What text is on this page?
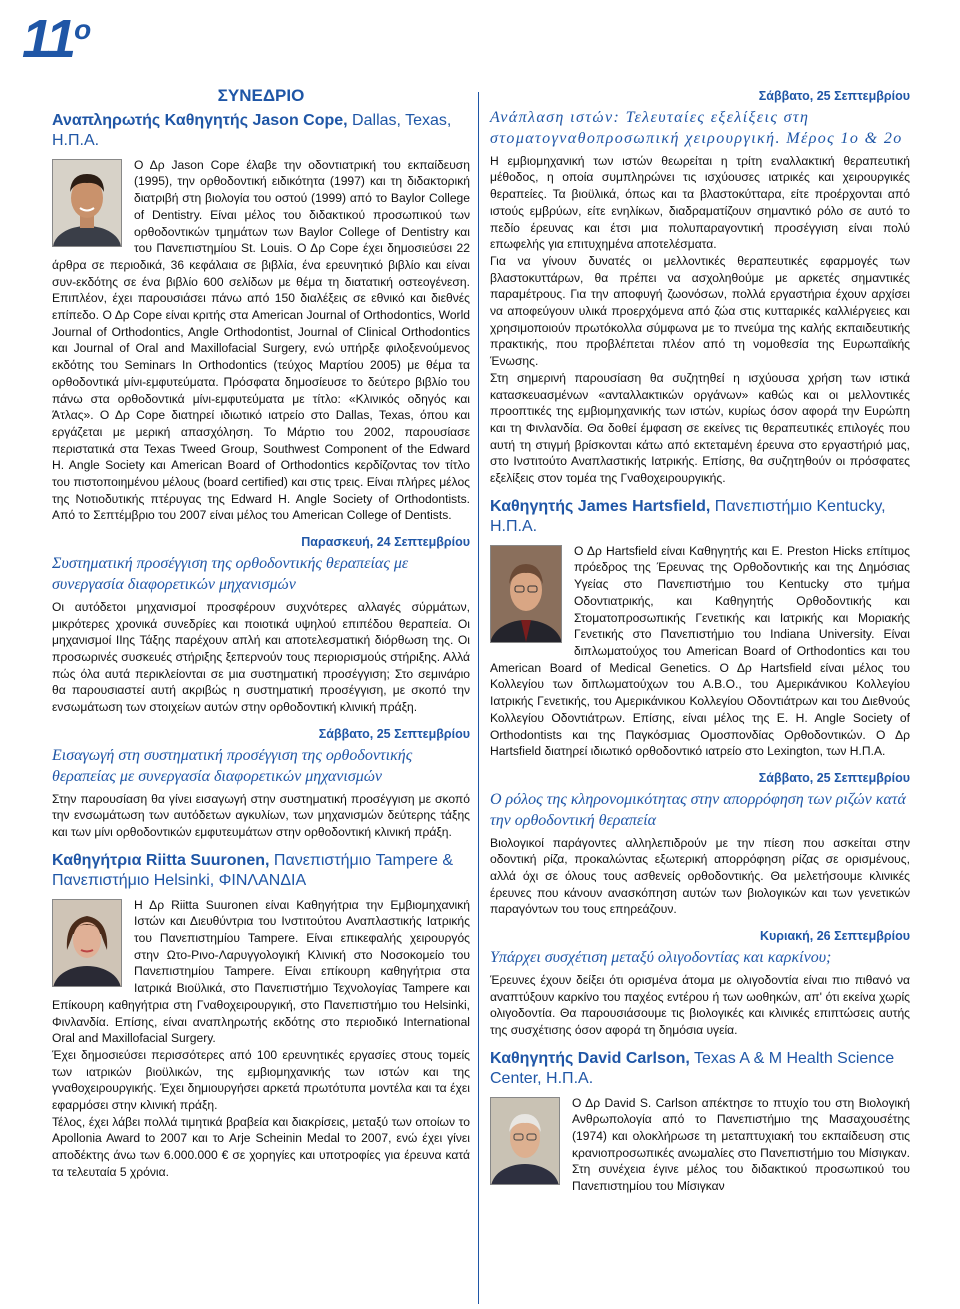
$11^o$
ΣΥΝΕΔΡΙΟ
Αναπληρωτής Καθηγητής Jason Cope, Dallas, Texas, Η.Π.Α.

Ο Δρ Jason Cope έλαβε την οδοντιατρική του εκπαίδευση (1995), την ορθοδοντική ειδικότητα (1997) και τη διδακτορική διατριβή στη βιολογία του οστού (1999) από το Baylor College of Dentistry. Είναι μέλος του διδακτικού προσωπικού των ορθοδοντικών τμημάτων των Baylor College of Dentistry και του Πανεπιστημίου St. Louis. Ο Δρ Cope έχει δημοσιεύσει 22 άρθρα σε περιοδικά, 36 κεφάλαια σε βιβλία, ένα ερευνητικό βιβλίο και είναι συν-εκδότης σε ένα βιβλίο 600 σελίδων με θέμα τη διατατική οστεογένεση. Επιπλέον, έχει παρουσιάσει πάνω από 150 διαλέξεις σε εθνικό και διεθνές επίπεδο. Ο Δρ Cope είναι κριτής στα American Journal of Orthodontics, World Journal of Orthodontics, Angle Orthodontist, Journal of Clinical Orthodontics και Journal of Oral and Maxillofacial Surgery, ενώ υπήρξε φιλοξενούμενος εκδότης του Seminars In Orthodontics (τεύχος Μαρτίου 2005) με θέμα τα ορθοδοντικά μίνι-εμφυτεύματα. Πρόσφατα δημοσίευσε το δεύτερο βιβλίο του πάνω στα ορθοδοντικά μίνι-εμφυτεύματα με τίτλο: «Κλινικός οδηγός και Άτλας». Ο Δρ Cope διατηρεί ιδιωτικό ιατρείο στο Dallas, Texas, όπου και εργάζεται με μερική απασχόληση. Το Μάρτιο του 2002, παρουσίασε περιστατικά στα Texas Tweed Group, Southwest Component of the Edward H. Angle Society και American Board of Orthodontics κερδίζοντας τον τίτλο του πιστοποιημένου μέλους (board certified) και στις τρεις. Είναι πλήρες μέλος της Νοτιοδυτικής πτέρυγας της Edward H. Angle Society of Orthodontists. Από το Σεπτέμβριο του 2007 είναι μέλος του American College of Dentists.

Παρασκευή, 24 Σεπτεμβρίου
Συστηματική προσέγγιση της ορθοδοντικής θεραπείας με συνεργασία διαφορετικών μηχανισμών

Οι αυτόδετοι μηχανισμοί προσφέρουν συχνότερες αλλαγές σύρμάτων, μικρότερες χρονικά συνεδρίες και ποιοτικά υψηλού επιπέδου θεραπεία. Οι μηχανισμοί ΙΙης Τάξης παρέχουν απλή και αποτελεσματική διόρθωση της. Οι προσωρινές συσκευές στήριξης ξεπερνούν τους περιορισμούς στήριξης. Αλλά πώς όλα αυτά περικλείονται σε μια συστηματική προσέγγιση; Στο σεμινάριο θα παρουσιαστεί αυτή ακριβώς η συστηματική προσέγγιση, με σκοπό την ενσωμάτωση των στοιχείων αυτών στην ορθοδοντική κλινική πράξη.

Σάββατο, 25 Σεπτεμβρίου
Εισαγωγή στη συστηματική προσέγγιση της ορθοδοντικής θεραπείας με συνεργασία διαφορετικών μηχανισμών

Στην παρουσίαση θα γίνει εισαγωγή στην συστηματική προσέγγιση με σκοπό την ενσωμάτωση των αυτόδετων αγκυλίων, των μηχανισμών δεύτερης τάξης και των μίνι ορθοδοντικών εμφυτευμάτων στην ορθοδοντική κλινική πράξη.

Καθηγήτρια Riitta Suuronen, Πανεπιστήμιο Tampere & Πανεπιστήμιο Helsinki, ΦΙΝΛΑΝΔΙΑ

Η Δρ Riitta Suuronen είναι Καθηγήτρια την Εμβιομηχανική Ιστών και Διευθύντρια του Ινστιτούτου Αναπλαστικής Ιατρικής του Πανεπιστημίου Tampere. Είναι επικεφαλής χειρουργός στην Ωτο-Ρινο-Λαρυγγολογική Κλινική στο Νοσοκομείο του Πανεπιστημίου Tampere. Είναι επίκουρη καθηγήτρια στα Ιατρικά Βιοϋλικά, στο Πανεπιστήμιο Τεχνολογίας Tampere και Επίκουρη καθηγήτρια στη Γναθοχειρουργική, στο Πανεπιστήμιο του Helsinki, Φινλανδία. Επίσης, είναι αναπληρωτής εκδότης στο περιοδικό International Oral and Maxillofacial Surgery.

Έχει δημοσιεύσει περισσότερες από 100 ερευνητικές εργασίες στους τομείς των ιατρικών βιοϋλικών, της εμβιομηχανικής των ιστών και της γναθοχειρουργικής. Έχει δημιουργήσει αρκετά πρωτότυπα μοντέλα και τα έχει εφαρμόσει στην κλινική πράξη.

Τέλος, έχει λάβει πολλά τιμητικά βραβεία και διακρίσεις, μεταξύ των οποίων το Apollonia Award to 2007 και το Arje Scheinin Medal το 2007, ενώ έχει γίνει αποδέκτης άνω των 6.000.000 € σε χορηγίες και υποτροφίες για έρευνα κατά τα τελευταία 5 χρόνια.

Σάββατο, 25 Σεπτεμβρίου
Ανάπλαση ιστών: Τελευταίες εξελίξεις στη στοματογναθοπροσωπική χειρουργική. Μέρος 1ο & 2ο

Η εμβιομηχανική των ιστών θεωρείται η τρίτη εναλλακτική θεραπευτική μέθοδος, η οποία συμπληρώνει τις ισχύουσες ιατρικές και χειρουργικές θεραπείες. Τα βιοϋλικά, όπως και τα βλαστοκύτταρα, είτε προέρχονται από ιστούς εμβρύων, είτε ενηλίκων, διαδραματίζουν σημαντικό ρόλο σε αυτό το πεδίο έρευνας και έτσι μια πολυπαραγοντική προσέγγιση είναι πολύ επωφελής για επιτυχημένα αποτελέσματα.

Για να γίνουν δυνατές οι μελλοντικές θεραπευτικές εφαρμογές των βλαστοκυττάρων, θα πρέπει να ασχοληθούμε με αρκετές σημαντικές παραμέτρους. Για την αποφυγή ζωονόσων, πολλά εργαστήρια έχουν αρχίσει να αποφεύγουν υλικά προερχόμενα από ζώα στις κυτταρικές καλλιέργειες και χρησιμοποιούν πρωτόκολλα σύμφωνα με το πνεύμα της καλής εκπαιδευτικής πρακτικής, που προβλέπεται πλέον από τη νομοθεσία της Ευρωπαϊκής Ένωσης.

Στη σημερινή παρουσίαση θα συζητηθεί η ισχύουσα χρήση των ιστικά κατασκευασμένων «ανταλλακτικών οργάνων» καθώς και οι μελλοντικές προοπτικές της εμβιομηχανικής των ιστών, κυρίως όσον αφορά την Ευρώπη και τη Φινλανδία. Θα δοθεί έμφαση σε εκείνες τις θεραπευτικές επιλογές που αυτή τη στιγμή βρίσκονται κάτω από εκτεταμένη έρευνα στο εργαστήριό μας, στο Ινστιτούτο Αναπλαστικής Ιατρικής. Επίσης, θα συζητηθούν οι πρόσφατες εξελίξεις στον τομέα της Γναθοχειρουργικής.

Καθηγητής James Hartsfield, Πανεπιστήμιο Kentucky, Η.Π.Α.

Ο Δρ Hartsfield είναι Καθηγητής και E. Preston Hicks επίτιμος πρόεδρος της Έρευνας της Ορθοδοντικής και της Δημόσιας Υγείας στο Πανεπιστήμιο του Kentucky στο τμήμα Οδοντιατρικής, και Καθηγητής Ορθοδοντικής και Στοματοπροσωπικής Γενετικής και Ιατρικής και Μοριακής Γενετικής στο Πανεπιστήμιο του Indiana University. Είναι διπλωματούχος του American Board of Orthodontics και του American Board of Medical Genetics. Ο Δρ Hartsfield είναι μέλος του Κολλεγίου των διπλωματούχων του Α.Β.Ο., του Αμερικάνικου Κολλεγίου Ιατρικής Γενετικής, του Αμερικάνικου Κολλεγίου Οδοντιάτρων και του Διεθνούς Κολλεγίου Οδοντιάτρων. Επίσης, είναι μέλος της E. H. Angle Society of Orthodontists και της Παγκόσμιας Ομοσπονδίας Ορθοδοντικών. Ο Δρ Hartsfield διατηρεί ιδιωτικό ορθοδοντικό ιατρείο στο Lexington, των Η.Π.Α.

Σάββατο, 25 Σεπτεμβρίου
Ο ρόλος της κληρονομικότητας στην απορρόφηση των ριζών κατά την ορθοδοντική θεραπεία

Βιολογικοί παράγοντες αλληλεπιδρούν με την πίεση που ασκείται στην οδοντική ρίζα, προκαλώντας εξωτερική απορρόφηση ρίζας σε ορισμένους, αλλά όχι σε όλους τους ασθενείς ορθοδοντικής. Θα μελετήσουμε κλινικές έρευνες που κάνουν ανασκόπηση αυτών των βιολογικών και των γενετικών παραγόντων του τους επηρεάζουν.

Κυριακή, 26 Σεπτεμβρίου
Υπάρχει συσχέτιση μεταξύ ολιγοδοντίας και καρκίνου;

Έρευνες έχουν δείξει ότι ορισμένα άτομα με ολιγοδοντία είναι πιο πιθανό να αναπτύξουν καρκίνο του παχέος εντέρου ή των ωοθηκών, απ' ότι εκείνα χωρίς ολιγοδοντία. Θα παρουσιάσουμε τις βιολογικές και κλινικές επιπτώσεις αυτής της συσχέτισης όσον αφορά τη δημόσια υγεία.

Καθηγητής David Carlson, Texas A & M Health Science Center, Η.Π.Α.

Ο Δρ David S. Carlson απέκτησε το πτυχίο του στη Βιολογική Ανθρωπολογία από το Πανεπιστήμιο της Μασαχουσέτης (1974) και ολοκλήρωσε τη μεταπτυχιακή του εκπαίδευση στις κρανιοπροσωπικές ανωμαλίες στο Πανεπιστήμιο του Μίσιγκαν. Στη συνέχεια έγινε μέλος του διδακτικού προσωπικού του Πανεπιστημίου του Μίσιγκαν
